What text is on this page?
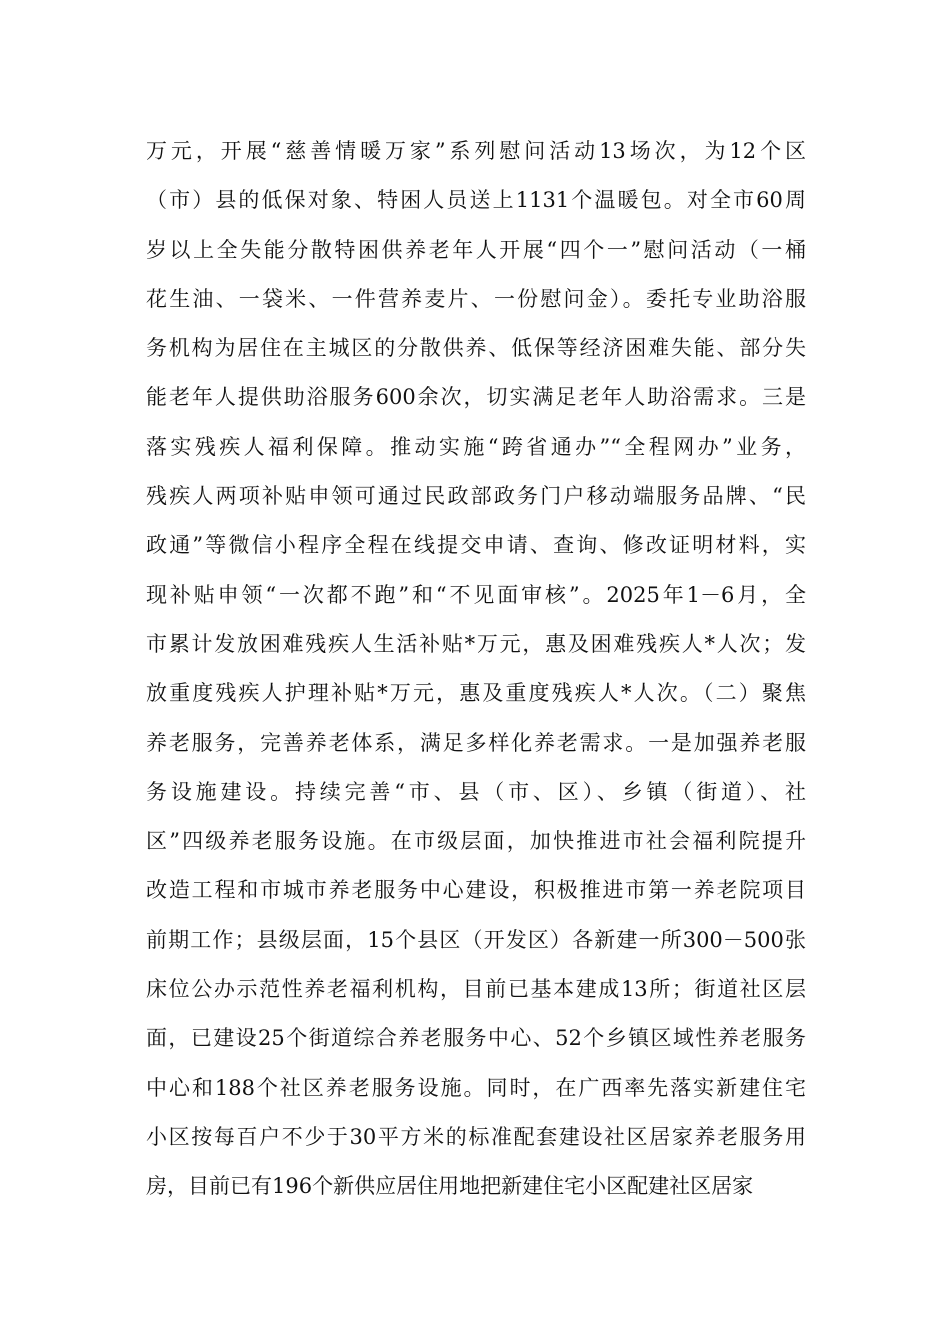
万元，开展“慈善情暖万家”系列慰问活动13场次，为12个区
（市）县的低保对象、特困人员送上1131个温暖包。对全市60周
岁以上全失能分散特困供养老年人开展“四个一”慰问活动（一桶
花生油、一袋米、一件营养麦片、一份慰问金）。委托专业助浴服
务机构为居住在主城区的分散供养、低保等经济困难失能、部分失
能老年人提供助浴服务600余次，切实满足老年人助浴需求。三是
落实残疾人福利保障。推动实施“跨省通办”“全程网办”业务，
残疾人两项补贴申领可通过民政部政务门户移动端服务品牌、“民
政通”等微信小程序全程在线提交申请、查询、修改证明材料，实
现补贴申领“一次都不跑”和“不见面审核”。2025年1－6月，全
市累计发放困难残疾人生活补贴*万元，惠及困难残疾人*人次；发
放重度残疾人护理补贴*万元，惠及重度残疾人*人次。（二）聚焦
养老服务，完善养老体系，满足多样化养老需求。一是加强养老服
务设施建设。持续完善“市、县（市、区）、乡镇（街道）、社
区”四级养老服务设施。在市级层面，加快推进市社会福利院提升
改造工程和市城市养老服务中心建设，积极推进市第一养老院项目
前期工作；县级层面，15个县区（开发区）各新建一所300－500张
床位公办示范性养老福利机构，目前已基本建成13所；街道社区层
面，已建设25个街道综合养老服务中心、52个乡镇区域性养老服务
中心和188个社区养老服务设施。同时，在广西率先落实新建住宅
小区按每百户不少于30平方米的标准配套建设社区居家养老服务用
房，目前已有196个新供应居住用地把新建住宅小区配建社区居家
